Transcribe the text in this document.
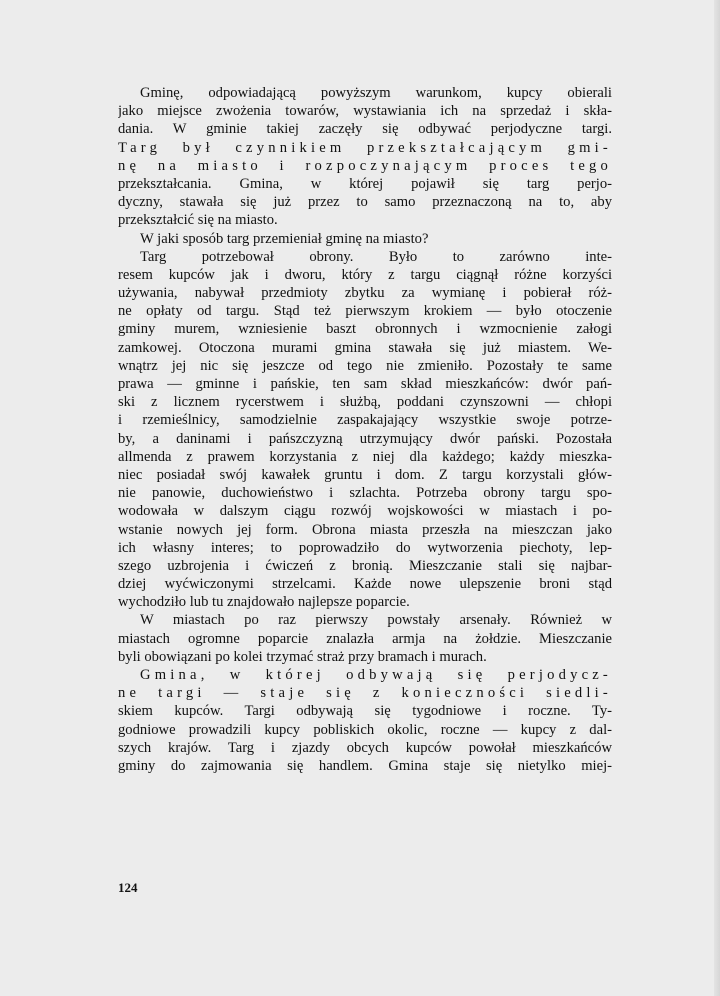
Gminę, odpowiadającą powyższym warunkom, kupcy obierali
jako miejsce zwożenia towarów, wystawiania ich na sprzedaż i skła-
dania. W gminie takiej zaczęły się odbywać perjodyczne targi.
Targ był czynnikiem przekształcającym gmi-
nę na miasto i rozpoczynającym proces tego
przekształcania. Gmina, w której pojawił się targ perjo-
dyczny, stawała się już przez to samo przeznaczoną na to, aby
przekształcić się na miasto.
W jaki sposób targ przemieniał gminę na miasto?
Targ potrzebował obrony. Było to zarówno inte-
resem kupców jak i dworu, który z targu ciągnął różne korzyści
używania, nabywał przedmioty zbytku za wymianę i pobierał róż-
ne opłaty od targu. Stąd też pierwszym krokiem — było otoczenie
gminy murem, wzniesienie baszt obronnych i wzmocnienie załogi
zamkowej. Otoczona murami gmina stawała się już miastem. We-
wnątrz jej nic się jeszcze od tego nie zmieniło. Pozostały te same
prawa — gminne i pańskie, ten sam skład mieszkańców: dwór pań-
ski z licznem rycerstwem i służbą, poddani czynszowni — chłopi
i rzemieślnicy, samodzielnie zaspakajający wszystkie swoje potrze-
by, a daninami i pańszczyzną utrzymujący dwór pański. Pozostała
allmenda z prawem korzystania z niej dla każdego; każdy mieszka-
niec posiadał swój kawałek gruntu i dom. Z targu korzystali głów-
nie panowie, duchowieństwo i szlachta. Potrzeba obrony targu spo-
wodowała w dalszym ciągu rozwój wojskowości w miastach i po-
wstanie nowych jej form. Obrona miasta przeszła na mieszczan jako
ich własny interes; to poprowadziło do wytworzenia piechoty, lep-
szego uzbrojenia i ćwiczeń z bronią. Mieszczanie stali się najbar-
dziej wyćwiczonymi strzelcami. Każde nowe ulepszenie broni stąd
wychodziło lub tu znajdowało najlepsze poparcie.
W miastach po raz pierwszy powstały arsenały. Również w
miastach ogromne poparcie znalazła armja na żołdzie. Mieszczanie
byli obowiązani po kolei trzymać straż przy bramach i murach.
Gmina, w której odbywają się perjodycz-
ne targi — staje się z konieczności siedli-
skiem kupców. Targi odbywają się tygodniowe i roczne. Ty-
godniowe prowadzili kupcy pobliskich okolic, roczne — kupcy z dal-
szych krajów. Targ i zjazdy obcych kupców powołał mieszkańców
gminy do zajmowania się handlem. Gmina staje się nietylko miej-
124
